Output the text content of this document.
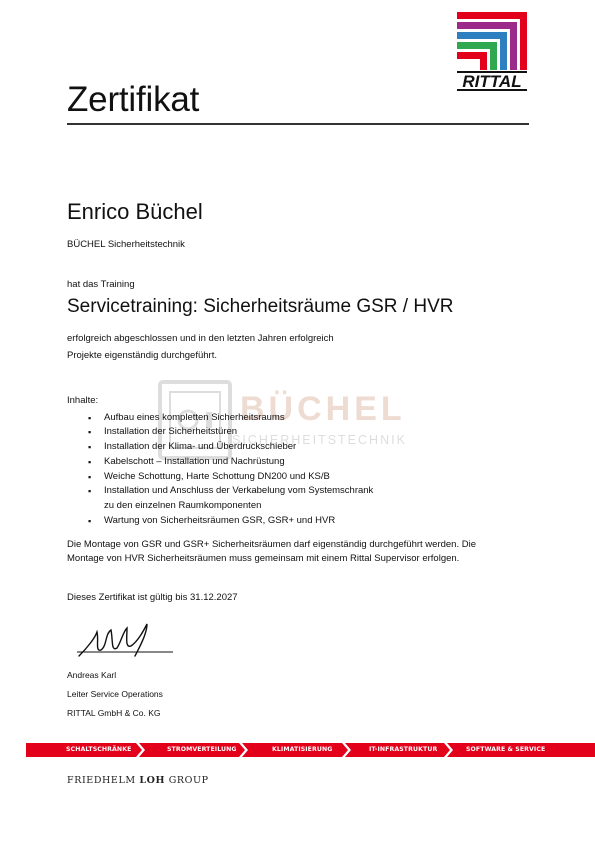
Zertifikat	RITTAL
BÜCHEL
SICHERHEITSTECHNIK
Enrico Büchel
BÜCHEL Sicherheitstechnik
hat das Training
Servicetraining: Sicherheitsräume GSR / HVR
erfolgreich abgeschlossen und in den letzten Jahren erfolgreich
Projekte eigenständig durchgeführt.
Inhalte:
▪ Aufbau eines kompletten Sicherheitsraums
▪ Installation der Sicherheitstüren
▪ Installation der Klima- und Überdruckschieber
▪ Kabelschott – Installation und Nachrüstung
▪ Weiche Schottung, Harte Schottung DN200 und KS/B
▪ Installation und Anschluss der Verkabelung vom Systemschrank
zu den einzelnen Raumkomponenten
▪ Wartung von Sicherheitsräumen GSR, GSR+ und HVR
Die Montage von GSR und GSR+ Sicherheitsräumen darf eigenständig durchgeführt werden. Die Montage von HVR Sicherheitsräumen muss gemeinsam mit einem Rittal Supervisor erfolgen.
Dieses Zertifikat ist gültig bis 31.12.2027
Andreas Karl
Leiter Service Operations
RITTAL GmbH & Co. KG
SCHALTSCHRÄNKE	STROMVERTEILUNG	KLIMATISIERUNG	IT-INFRASTRUKTUR	SOFTWARE & SERVICE
FRIEDHELM LOH GROUP
